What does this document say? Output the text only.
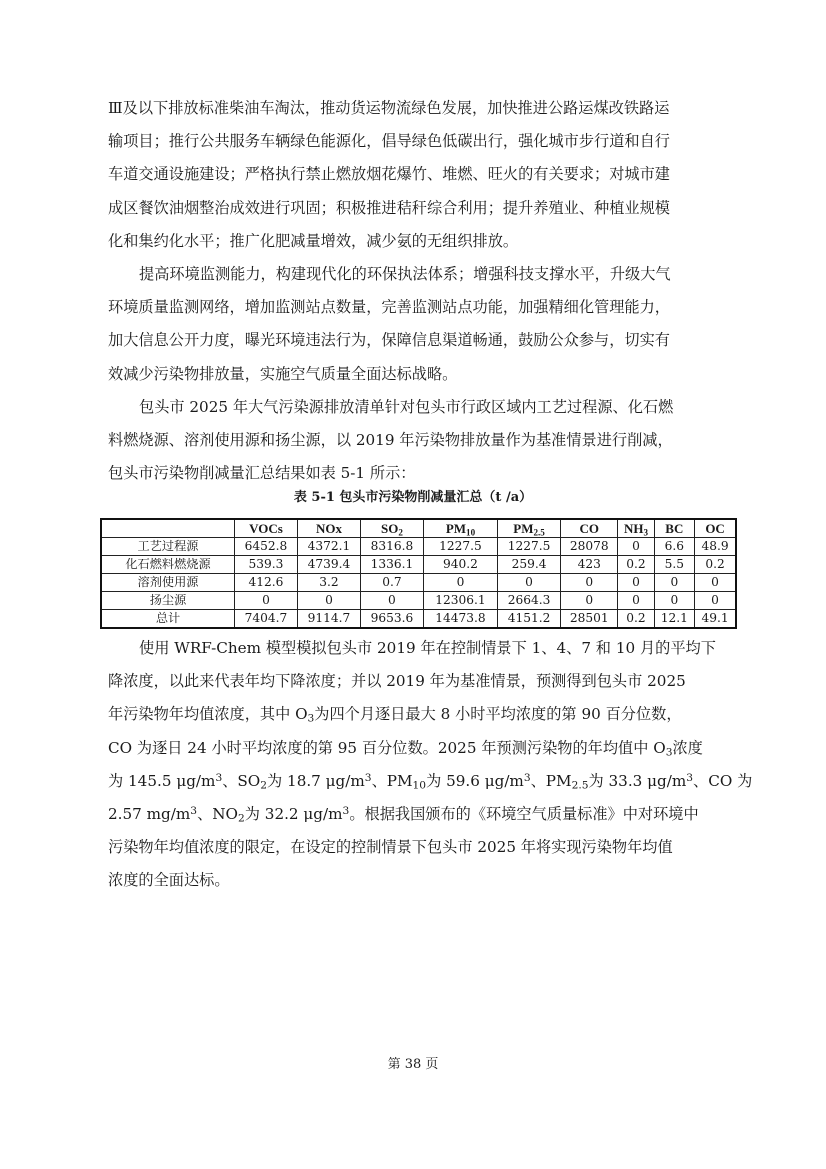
Ⅲ及以下排放标准柴油车淘汰，推动货运物流绿色发展，加快推进公路运煤改铁路运
输项目；推行公共服务车辆绿色能源化，倡导绿色低碳出行，强化城市步行道和自行
车道交通设施建设；严格执行禁止燃放烟花爆竹、堆燃、旺火的有关要求；对城市建
成区餐饮油烟整治成效进行巩固；积极推进秸秆综合利用；提升养殖业、种植业规模
化和集约化水平；推广化肥减量增效，减少氨的无组织排放。
提高环境监测能力，构建现代化的环保执法体系；增强科技支撑水平，升级大气
环境质量监测网络，增加监测站点数量，完善监测站点功能，加强精细化管理能力，
加大信息公开力度，曝光环境违法行为，保障信息渠道畅通，鼓励公众参与，切实有
效减少污染物排放量，实施空气质量全面达标战略。
包头市 2025 年大气污染源排放清单针对包头市行政区域内工艺过程源、化石燃
料燃烧源、溶剂使用源和扬尘源，以 2019 年污染物排放量作为基准情景进行削减，
包头市污染物削减量汇总结果如表 5-1 所示：
表 5-1 包头市污染物削减量汇总（t /a）
	VOCs	NOx	$SO_2$	$PM_{10}$	$PM_{2.5}$	CO	$NH_3$	BC	OC
工艺过程源	6452.8	4372.1	8316.8	1227.5	1227.5	28078	0	6.6	48.9
化石燃料燃烧源	539.3	4739.4	1336.1	940.2	259.4	423	0.2	5.5	0.2
溶剂使用源	412.6	3.2	0.7	0	0	0	0	0	0
扬尘源	0	0	0	12306.1	2664.3	0	0	0	0
总计	7404.7	9114.7	9653.6	14473.8	4151.2	28501	0.2	12.1	49.1
使用 WRF-Chem 模型模拟包头市 2019 年在控制情景下 1、4、7 和 10 月的平均下
降浓度，以此来代表年均下降浓度；并以 2019 年为基准情景，预测得到包头市 2025
年污染物年均值浓度，其中 $O_3$为四个月逐日最大 8 小时平均浓度的第 90 百分位数，
CO 为逐日 24 小时平均浓度的第 95 百分位数。2025 年预测污染物的年均值中 $O_3$浓度
为 145.5 $\mu g/m^3$、$SO_2$为 18.7 $\mu g/m^3$、$PM_{10}$为 59.6 $\mu g/m^3$、$PM_{2.5}$为 33.3 $\mu g/m^3$、CO 为
2.57 $mg/m^3$、$NO_2$为 32.2 $\mu g/m^3$。根据我国颁布的《环境空气质量标准》中对环境中
污染物年均值浓度的限定，在设定的控制情景下包头市 2025 年将实现污染物年均值
浓度的全面达标。
第 38 页
